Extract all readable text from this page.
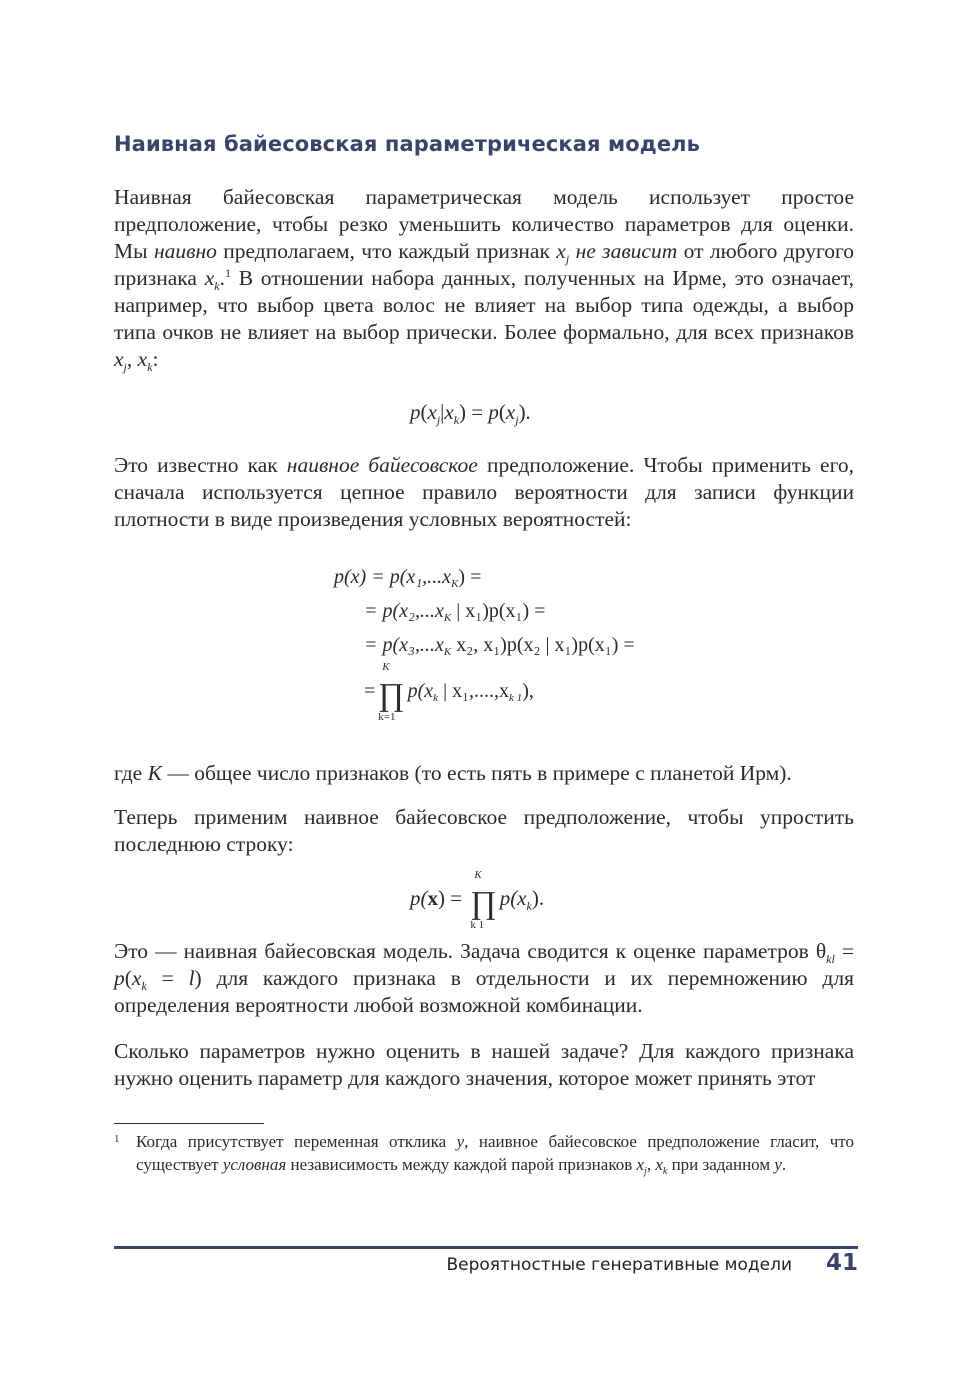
Наивная байесовская параметрическая модель
Наивная байесовская параметрическая модель использует простое предположение, чтобы резко уменьшить количество параметров для оценки. Мы наивно предполагаем, что каждый признак $x_j$ не зависит от любого другого признака $x_k.^1$ В отношении набора данных, полученных на Ирме, это означает, например, что выбор цвета волос не влияет на выбор типа одежды, а выбор типа очков не влияет на выбор прически. Более формально, для всех признаков $x_j$, $x_k$:
$p(x_j|x_k) = p(x_j)$.
Это известно как наивное байесовское предположение. Чтобы применить его, сначала используется цепное правило вероятности для записи функции плотности в виде произведения условных вероятностей:
$p(x) = p(x_1,...x_K)$ =
= $p(x_2,...x_K$ | x₁)p(x₁) =
= $p(x_3,...x_K$ x₂, x₁)p(x₂ | x₁)p(x₁) =
=∏
K
k=1
$p(x_k$ | $x_1,....,x_{k 1}$),
где K — общее число признаков (то есть пять в примере с планетой Ирм).
Теперь применим наивное байесовское предположение, чтобы упростить последнюю строку:
p(x) = ∏
K
k 1
$p(x_k)$.
Это — наивная байесовская модель. Задача сводится к оценке параметров $\theta_{kl} = p(x_k = l)$ для каждого признака в отдельности и их перемножению для определения вероятности любой возможной комбинации.
Сколько параметров нужно оценить в нашей задаче? Для каждого признака нужно оценить параметр для каждого значения, которое может принять этот
1 Когда присутствует переменная отклика y, наивное байесовское предположение гласит, что существует условная независимость между каждой парой признаков $x_j$, $x_k$ при заданном y.
Вероятностные генеративные модели	41
